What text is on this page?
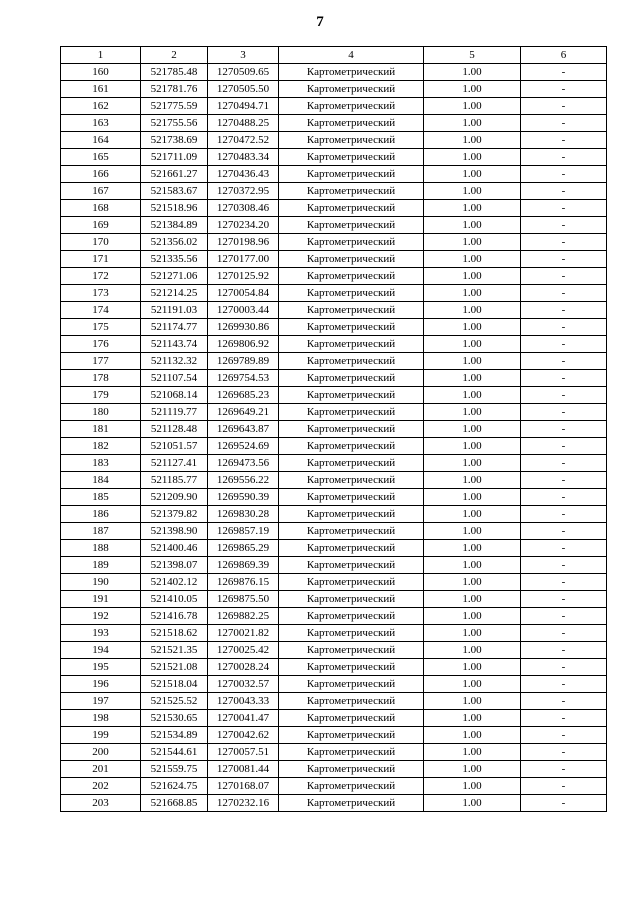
7
1	2	3	4	5	6
160	521785.48	1270509.65	Картометрический	1.00	-
161	521781.76	1270505.50	Картометрический	1.00	-
162	521775.59	1270494.71	Картометрический	1.00	-
163	521755.56	1270488.25	Картометрический	1.00	-
164	521738.69	1270472.52	Картометрический	1.00	-
165	521711.09	1270483.34	Картометрический	1.00	-
166	521661.27	1270436.43	Картометрический	1.00	-
167	521583.67	1270372.95	Картометрический	1.00	-
168	521518.96	1270308.46	Картометрический	1.00	-
169	521384.89	1270234.20	Картометрический	1.00	-
170	521356.02	1270198.96	Картометрический	1.00	-
171	521335.56	1270177.00	Картометрический	1.00	-
172	521271.06	1270125.92	Картометрический	1.00	-
173	521214.25	1270054.84	Картометрический	1.00	-
174	521191.03	1270003.44	Картометрический	1.00	-
175	521174.77	1269930.86	Картометрический	1.00	-
176	521143.74	1269806.92	Картометрический	1.00	-
177	521132.32	1269789.89	Картометрический	1.00	-
178	521107.54	1269754.53	Картометрический	1.00	-
179	521068.14	1269685.23	Картометрический	1.00	-
180	521119.77	1269649.21	Картометрический	1.00	-
181	521128.48	1269643.87	Картометрический	1.00	-
182	521051.57	1269524.69	Картометрический	1.00	-
183	521127.41	1269473.56	Картометрический	1.00	-
184	521185.77	1269556.22	Картометрический	1.00	-
185	521209.90	1269590.39	Картометрический	1.00	-
186	521379.82	1269830.28	Картометрический	1.00	-
187	521398.90	1269857.19	Картометрический	1.00	-
188	521400.46	1269865.29	Картометрический	1.00	-
189	521398.07	1269869.39	Картометрический	1.00	-
190	521402.12	1269876.15	Картометрический	1.00	-
191	521410.05	1269875.50	Картометрический	1.00	-
192	521416.78	1269882.25	Картометрический	1.00	-
193	521518.62	1270021.82	Картометрический	1.00	-
194	521521.35	1270025.42	Картометрический	1.00	-
195	521521.08	1270028.24	Картометрический	1.00	-
196	521518.04	1270032.57	Картометрический	1.00	-
197	521525.52	1270043.33	Картометрический	1.00	-
198	521530.65	1270041.47	Картометрический	1.00	-
199	521534.89	1270042.62	Картометрический	1.00	-
200	521544.61	1270057.51	Картометрический	1.00	-
201	521559.75	1270081.44	Картометрический	1.00	-
202	521624.75	1270168.07	Картометрический	1.00	-
203	521668.85	1270232.16	Картометрический	1.00	-
